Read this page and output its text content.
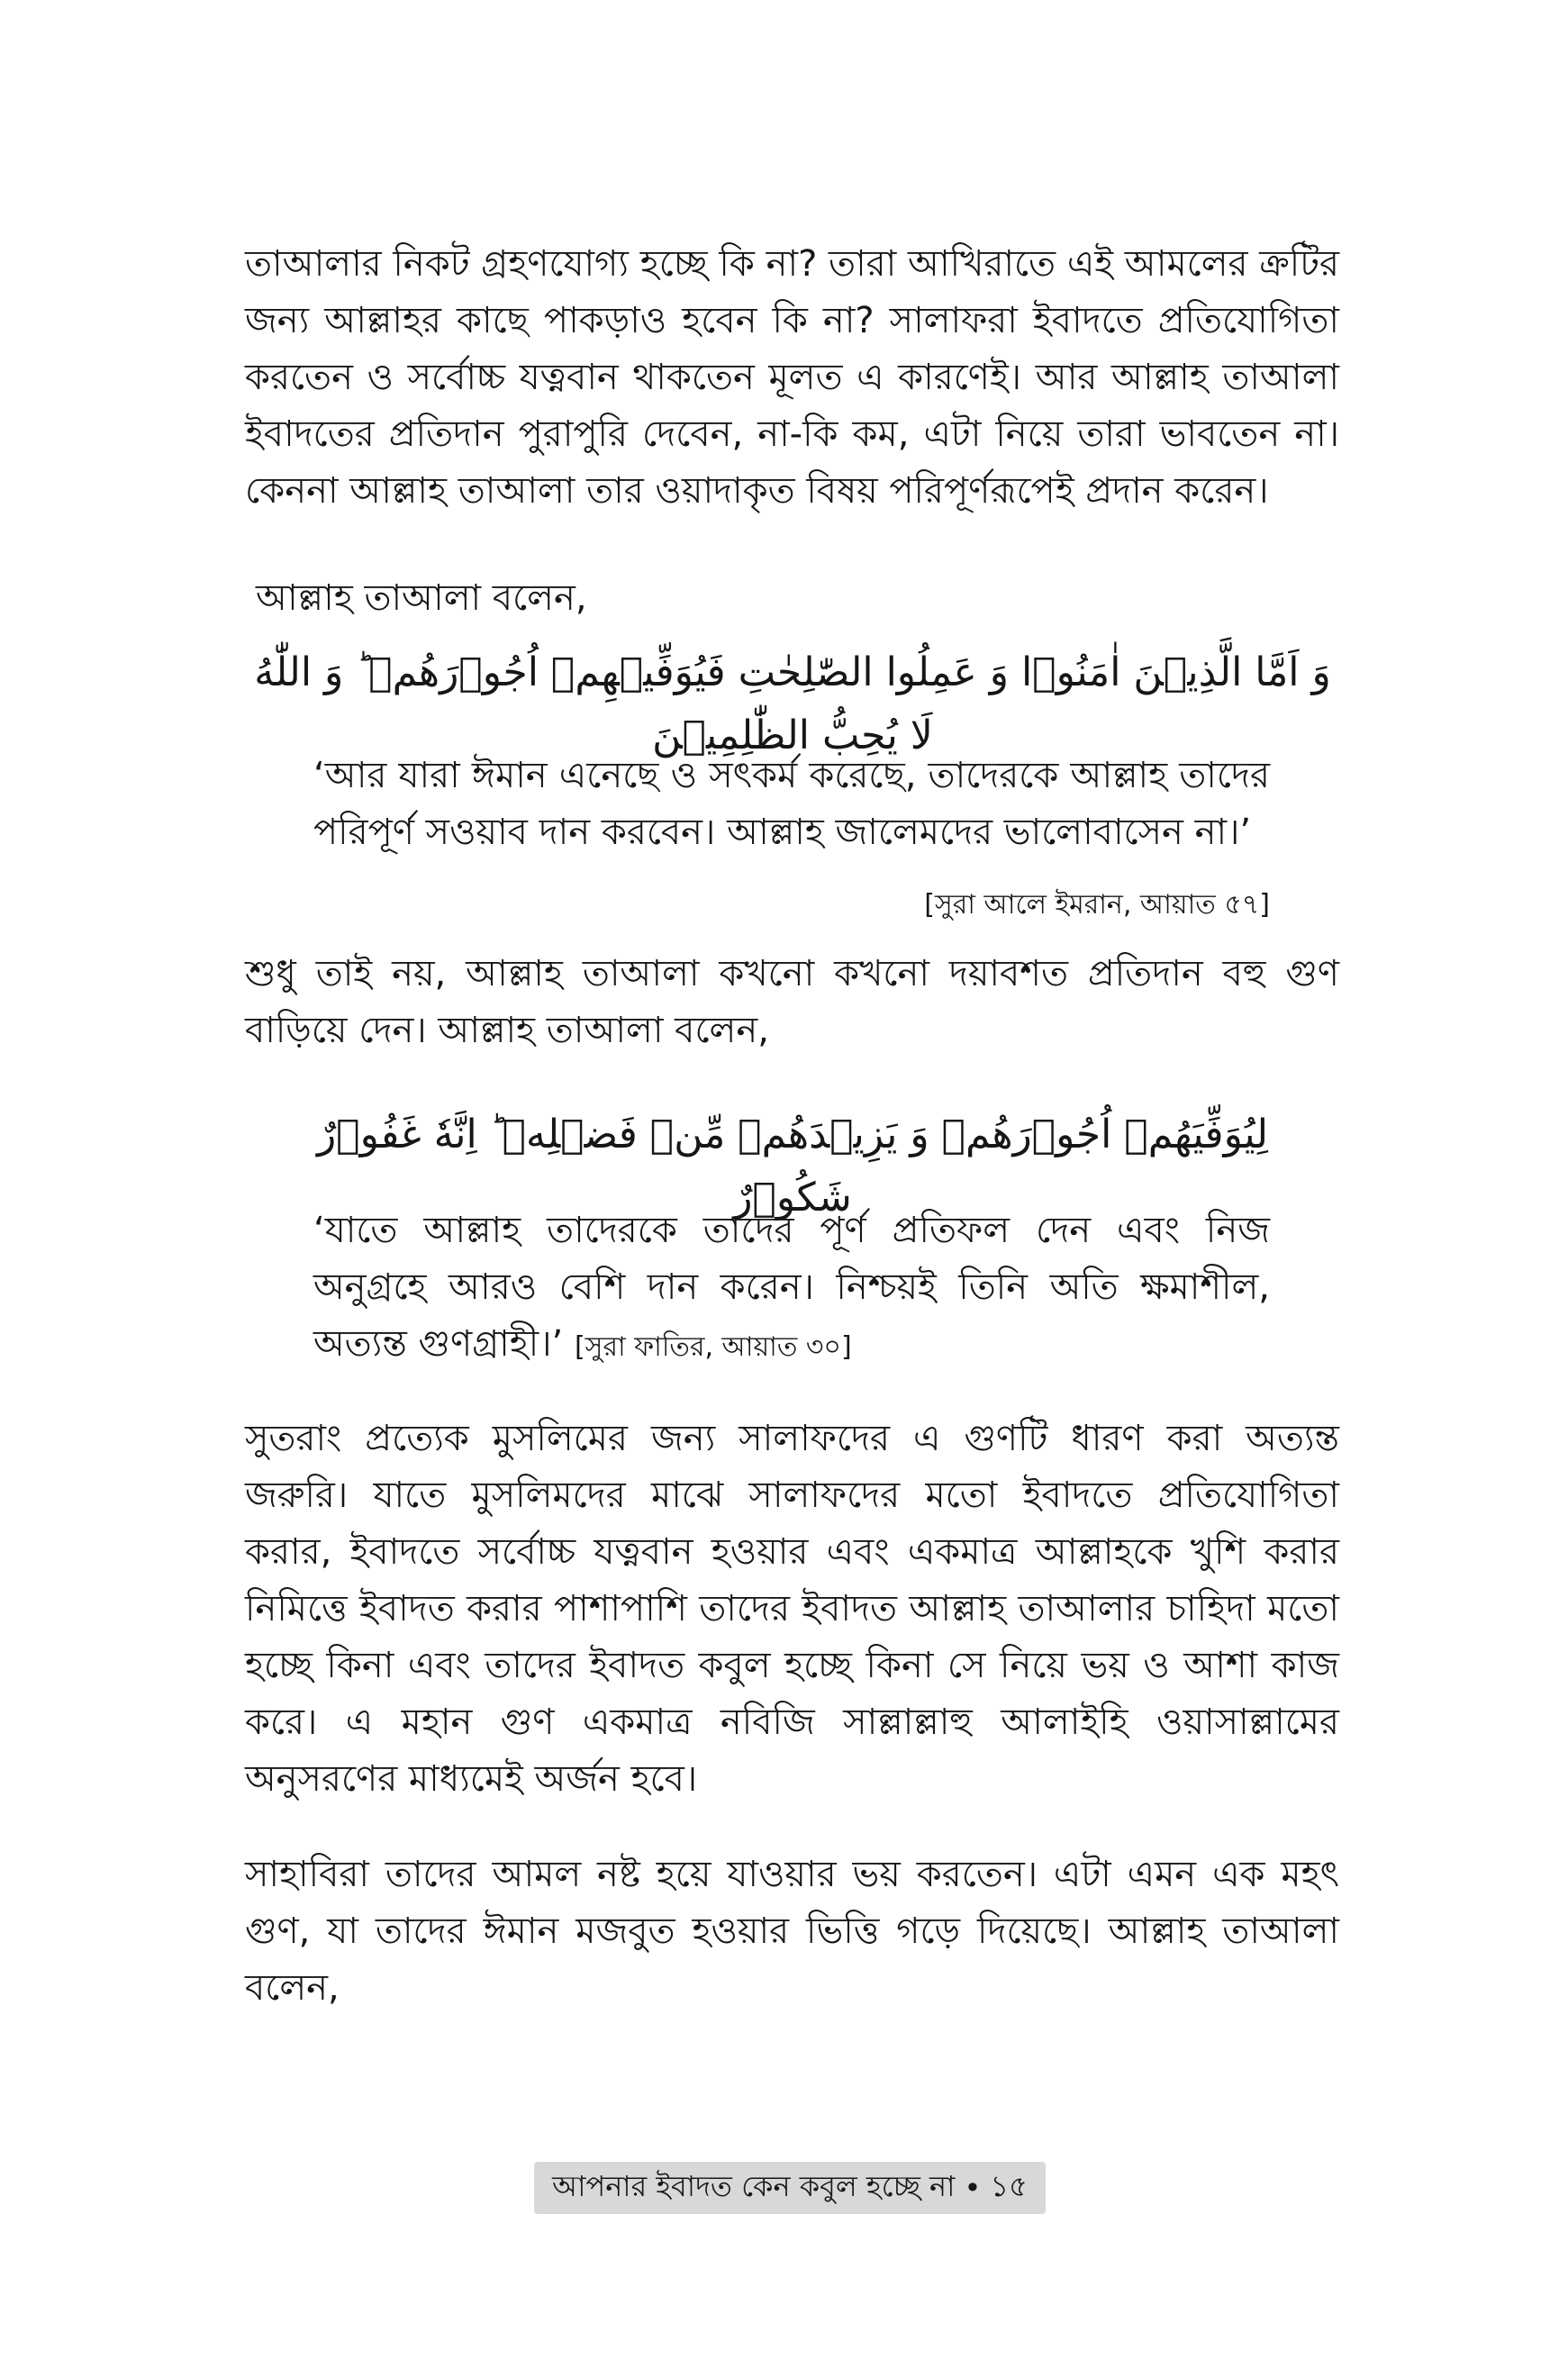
তাআলার নিকট গ্রহণযোগ্য হচ্ছে কি না? তারা আখিরাতে এই আমলের ক্রটির জন্য আল্লাহর কাছে পাকড়াও হবেন কি না? সালাফরা ইবাদতে প্রতিযোগিতা করতেন ও সর্বোচ্চ যত্নবান থাকতেন মূলত এ কারণেই। আর আল্লাহ তাআলা ইবাদতের প্রতিদান পুরাপুরি দেবেন, না-কি কম, এটা নিয়ে তারা ভাবতেন না। কেননা আল্লাহ তাআলা তার ওয়াদাকৃত বিষয় পরিপূর্ণরূপেই প্রদান করেন।

আল্লাহ তাআলা বলেন,
وَ اَمَّا الَّذِیۡنَ اٰمَنُوۡا وَ عَمِلُوا الصّٰلِحٰتِ فَیُوَفِّیۡهِمۡ اُجُوۡرَهُمۡ ؕ وَ اللّٰهُ لَا یُحِبُّ الظّٰلِمِیۡنَ

‘আর যারা ঈমান এনেছে ও সৎকর্ম করেছে, তাদেরকে আল্লাহ তাদের পরিপূর্ণ সওয়াব দান করবেন। আল্লাহ জালেমদের ভালোবাসেন না।’

[সুরা আলে ইমরান, আয়াত ৫৭]

শুধু তাই নয়, আল্লাহ তাআলা কখনো কখনো দয়াবশত প্রতিদান বহু গুণ বাড়িয়ে দেন। আল্লাহ তাআলা বলেন,

لِیُوَفِّیَهُمۡ اُجُوۡرَهُمۡ وَ یَزِیۡدَهُمۡ مِّنۡ فَضۡلِهٖ ؕ اِنَّهٗ غَفُوۡرٌ شَكُوۡرٌ

‘যাতে আল্লাহ তাদেরকে তাদের পূর্ণ প্রতিফল দেন এবং নিজ অনুগ্রহে আরও বেশি দান করেন। নিশ্চয়ই তিনি অতি ক্ষমাশীল, অত্যন্ত গুণগ্রাহী।’ [সুরা ফাতির, আয়াত ৩০]

সুতরাং প্রত্যেক মুসলিমের জন্য সালাফদের এ গুণটি ধারণ করা অত্যন্ত জরুরি। যাতে মুসলিমদের মাঝে সালাফদের মতো ইবাদতে প্রতিযোগিতা করার, ইবাদতে সর্বোচ্চ যত্নবান হওয়ার এবং একমাত্র আল্লাহকে খুশি করার নিমিত্তে ইবাদত করার পাশাপাশি তাদের ইবাদত আল্লাহ তাআলার চাহিদা মতো হচ্ছে কিনা এবং তাদের ইবাদত কবুল হচ্ছে কিনা সে নিয়ে ভয় ও আশা কাজ করে। এ মহান গুণ একমাত্র নবিজি সাল্লাল্লাহু আলাইহি ওয়াসাল্লামের অনুসরণের মাধ্যমেই অর্জন হবে।

সাহাবিরা তাদের আমল নষ্ট হয়ে যাওয়ার ভয় করতেন। এটা এমন এক মহৎ গুণ, যা তাদের ঈমান মজবুত হওয়ার ভিত্তি গড়ে দিয়েছে। আল্লাহ তাআলা বলেন,

আপনার ইবাদত কেন কবুল হচ্ছে না • ১৫
